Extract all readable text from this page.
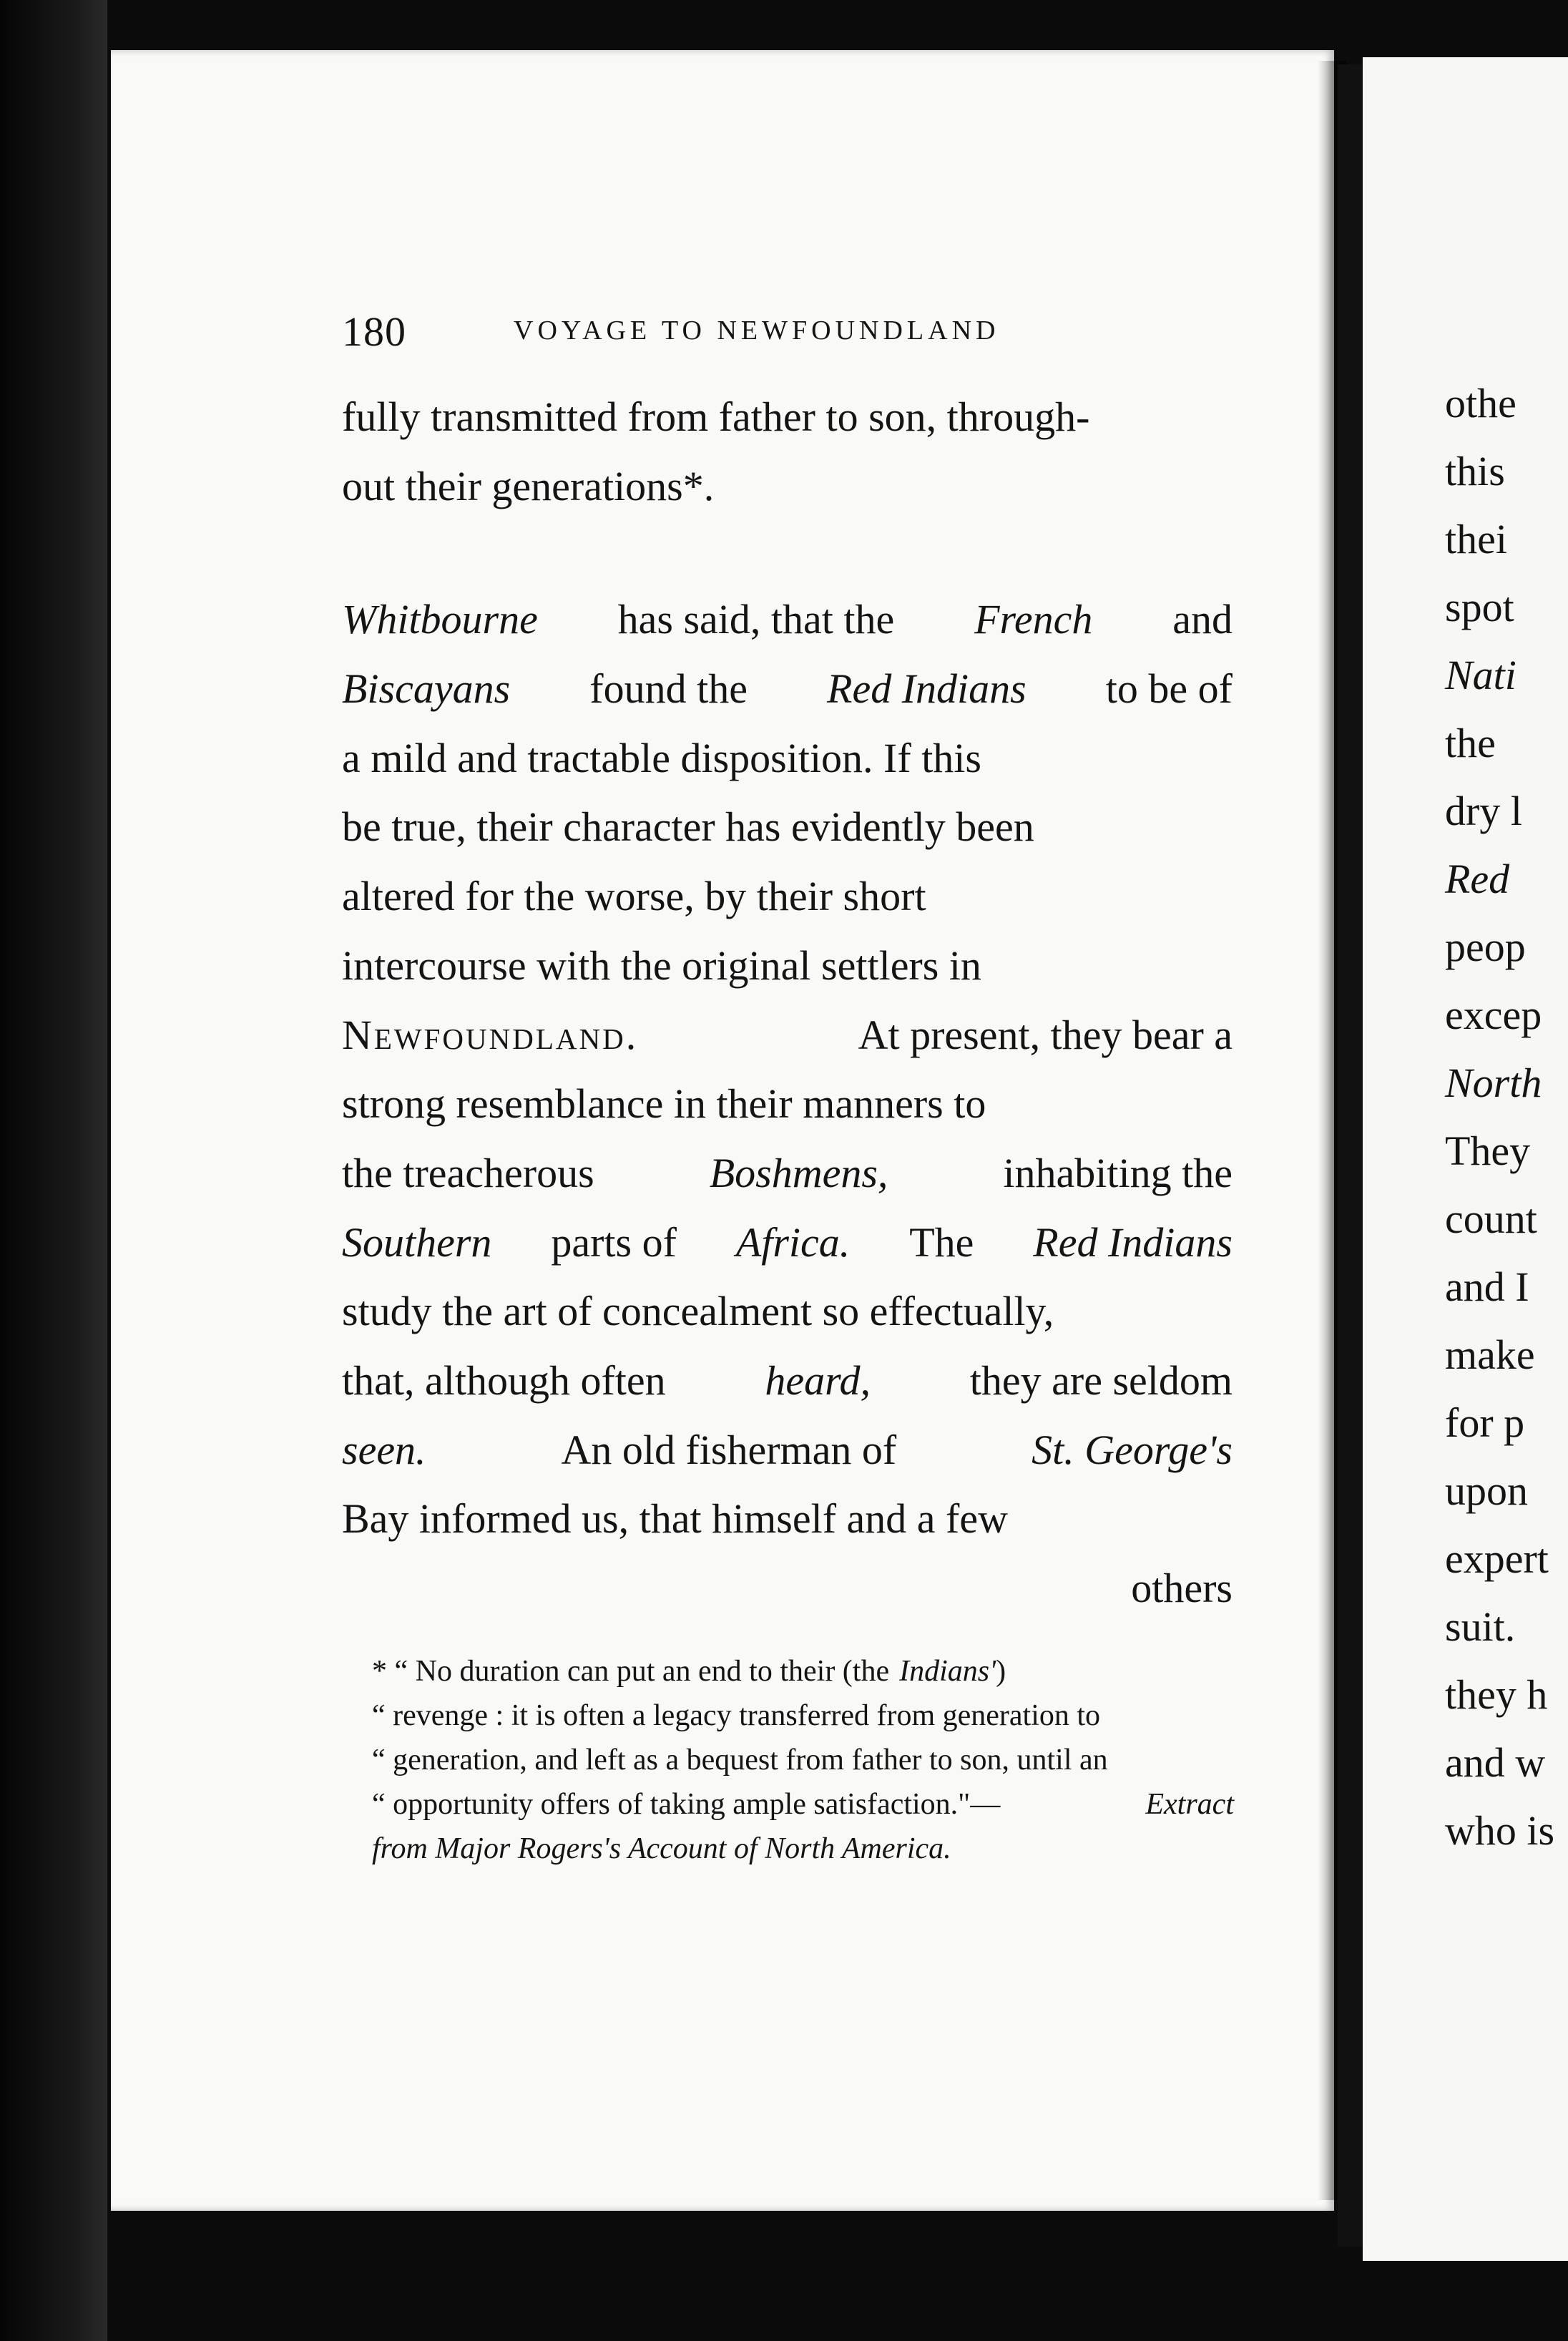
othe
this
thei
spot
Nati
the
dry l
Red
peop
excep
North
They
count
and I
make
for p
upon
expert
suit.
they h
and w
who is
180	VOYAGE TO NEWFOUNDLAND
fully transmitted from father to son, through-
out their generations*.
Whitbourne has said, that the French and
Biscayans found the Red Indians to be of
a mild and tractable disposition. If this
be true, their character has evidently been
altered for the worse, by their short
intercourse with the original settlers in
Newfoundland.	At present, they bear a
strong resemblance in their manners to
the treacherous	Boshmens,	inhabiting the
Southern parts of Africa. The Red Indians
study the art of concealment so effectually,
that, although often heard, they are seldom
seen.	An old fisherman of	St. George's
Bay informed us, that himself and a few
others
* “ No duration can put an end to their (the Indians' )
“ revenge : it is often a legacy transferred from generation to
“ generation, and left as a bequest from father to son, until an
“ opportunity offers of taking ample satisfaction."—	Extract
from Major Rogers's Account of North America.
